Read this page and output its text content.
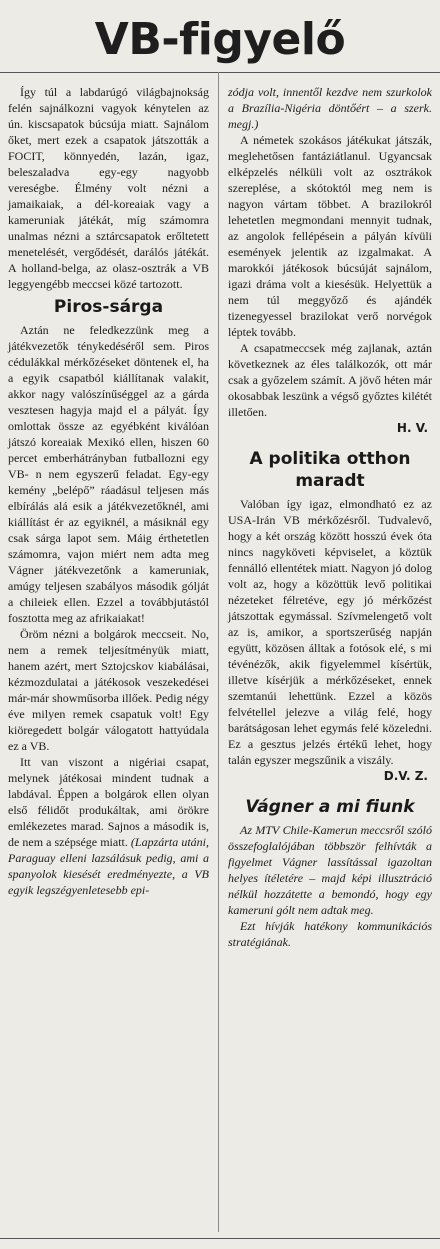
VB-figyelő

Így túl a labdarúgó világbajnokság felén sajnálkozni vagyok kénytelen az ún. kiscsapatok búcsúja miatt. Sajnálom őket, mert ezek a csapatok játszották a FOCIT, könnyedén, lazán, igaz, beleszaladva egy-egy nagyobb vereségbe. Élmény volt nézni a jamaikaiak, a dél-koreaiak vagy a kameruniak játékát, míg számomra unalmas nézni a sztárcsapatok erőltetett menetelését, vergődését, darálós játékát. A holland-belga, az olasz-osztrák a VB leggyengébb meccsei közé tartozott.

Piros-sárga

Aztán ne feledkezzünk meg a játékvezetők ténykedéséről sem. Piros cédulákkal mérkőzéseket döntenek el, ha a egyik csapatból kiállítanak valakit, akkor nagy valószínűséggel az a gárda vesztesen hagyja majd el a pályát. Így omlottak össze az egyébként kiválóan játszó koreaiak Mexikó ellen, hiszen 60 percet emberhátrányban futballozni egy VB- n nem egyszerű feladat. Egy-egy kemény „belépő” ráadásul teljesen más elbírálás alá esik a játékvezetőknél, ami kiállítást ér az egyiknél, a másiknál egy csak sárga lapot sem. Máig érthetetlen számomra, vajon miért nem adta meg Vágner játékvezetőnk a kameruniak, amúgy teljesen szabályos második gólját a chileiek ellen. Ezzel a továbbjutástól fosztotta meg az afrikaiakat!

Öröm nézni a bolgárok meccseit. No, nem a remek teljesítményük miatt, hanem azért, mert Sztojcskov kiabálásai, kézmozdulatai a játékosok veszekedései már-már showműsorba illőek. Pedig négy éve milyen remek csapatuk volt! Egy kiöregedett bolgár válogatott hattyúdala ez a VB.

Itt van viszont a nigériai csapat, melynek játékosai mindent tudnak a labdával. Éppen a bolgárok ellen olyan első félidőt produkáltak, ami örökre emlékezetes marad. Sajnos a második is, de nem a szépsége miatt. (Lapzárta utáni, Paraguay elleni lazsálásuk pedig, ami a spanyolok kiesését eredményezte, a VB egyik legszégyenletesebb epi-

zódja volt, innentől kezdve nem szurkolok a Brazília-Nigéria döntőért – a szerk. megj.)

A németek szokásos játékukat játszák, meglehetősen fantáziátlanul. Ugyancsak elképzelés nélküli volt az osztrákok szereplése, a skótoktól meg nem is nagyon vártam többet. A brazilokról lehetetlen megmondani mennyit tudnak, az angolok fellépésein a pályán kívüli események jelentik az izgalmakat. A marokkói játékosok búcsúját sajnálom, igazi dráma volt a kiesésük. Helyettük a nem túl meggyőző és ajándék tizenegyessel brazilokat verő norvégok léptek tovább.

A csapatmeccsek még zajlanak, aztán következnek az éles találkozók, ott már csak a győzelem számít. A jövő héten már okosabbak leszünk a végső győztes kilétét illetően.

H. V.
A politika otthon maradt

Valóban így igaz, elmondható ez az USA-Irán VB mérkőzésről. Tudvalevő, hogy a két ország között hosszú évek óta nincs nagyköveti képviselet, a köztük fennálló ellentétek miatt. Nagyon jó dolog volt az, hogy a közöttük levő politikai nézeteket félretéve, egy jó mérkőzést játszottak egymással. Szívmelengető volt az is, amikor, a sportszerűség napján együtt, közösen álltak a fotósok elé, s mi tévénézők, akik figyelemmel kísértük, illetve kísérjük a mérkőzéseket, ennek szemtanúi lehettünk. Ezzel a közös felvétellel jelezve a világ felé, hogy barátságosan lehet egymás felé közeledni. Ez a gesztus jelzés értékű lehet, hogy talán egyszer megszűnik a viszály.

D.V. Z.
Vágner a mi fiunk

Az MTV Chile-Kamerun meccsről szóló összefoglalójában többször felhívták a figyelmet Vágner lassítással igazoltan helyes ítéletére – majd képi illusztráció nélkül hozzátette a bemondó, hogy egy kameruni gólt nem adtak meg.

Ezt hívják hatékony kommunikációs stratégiának.
